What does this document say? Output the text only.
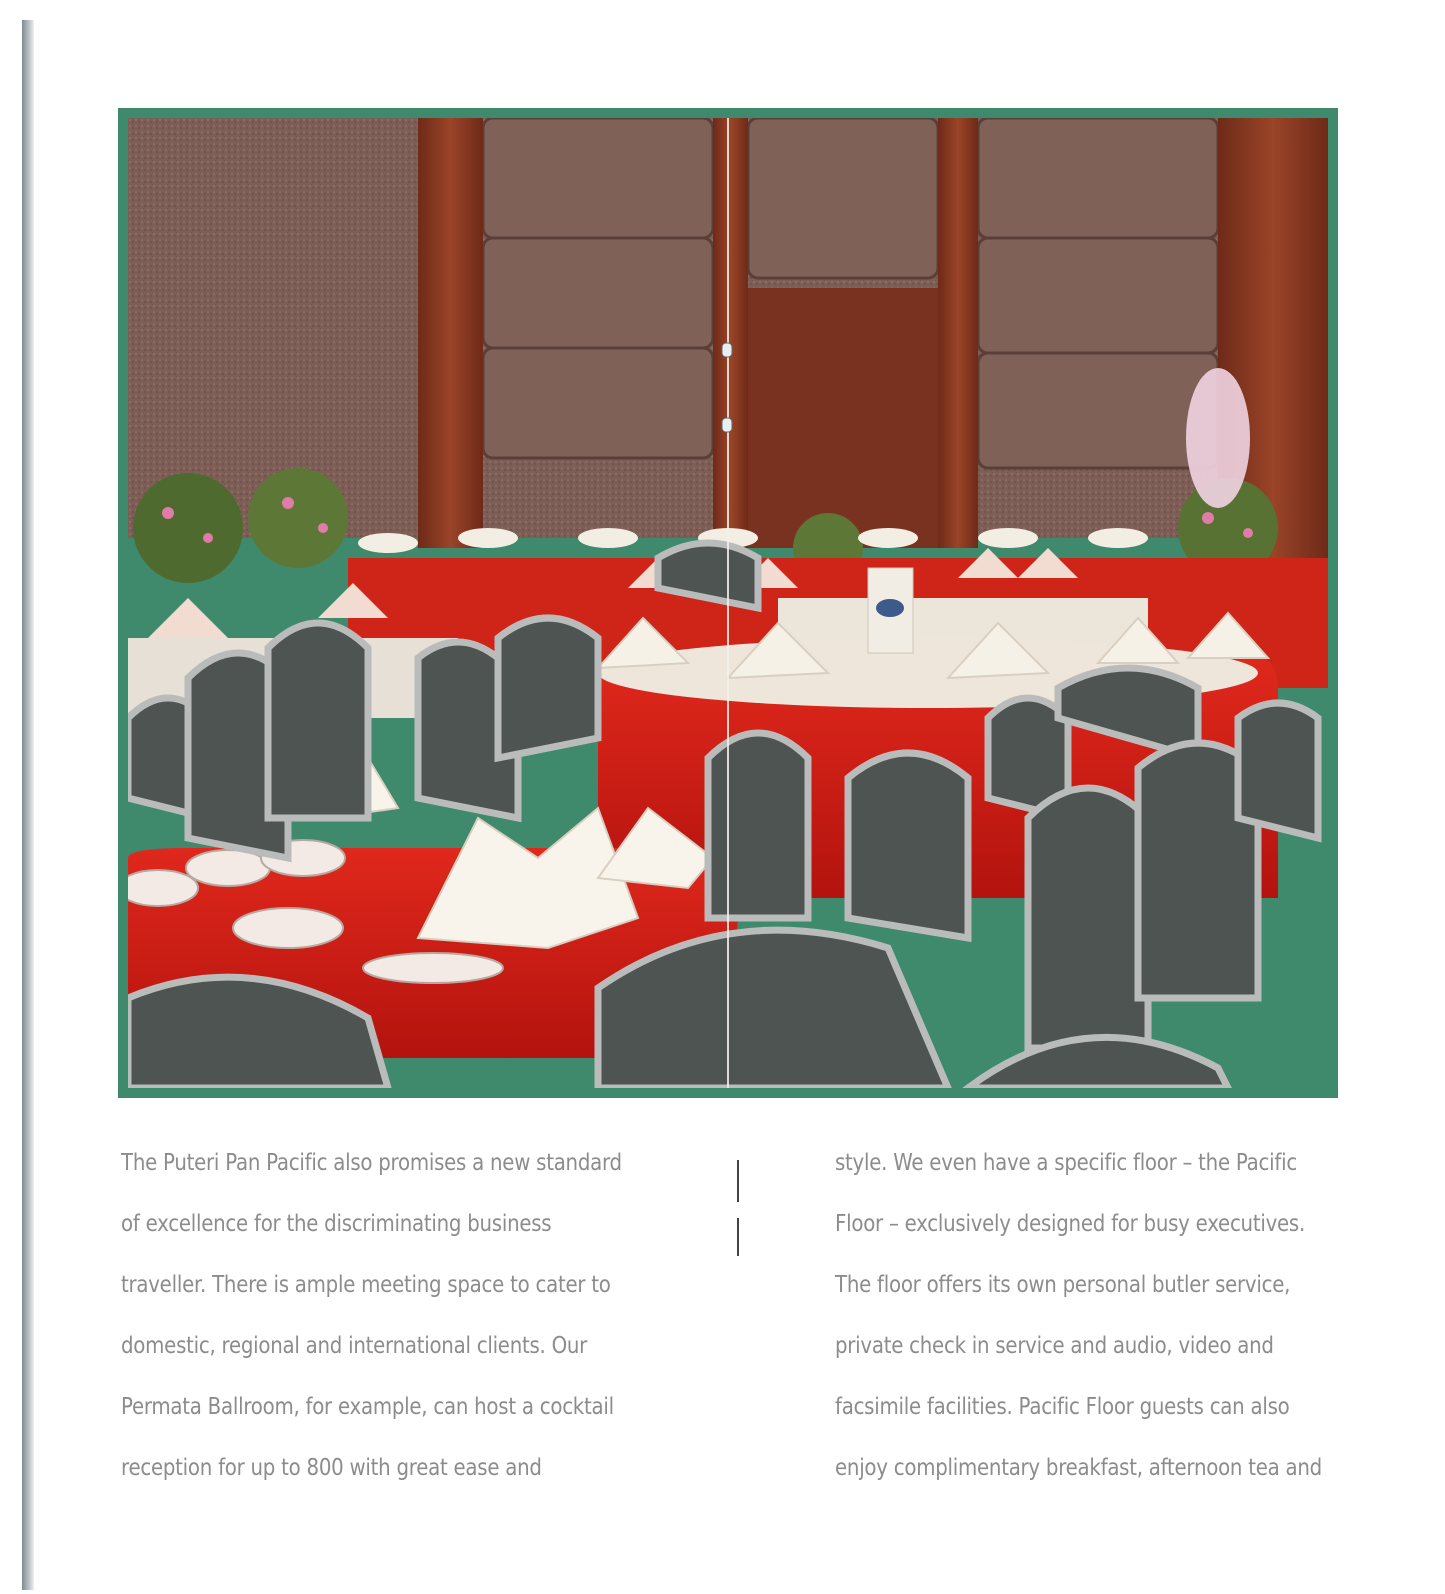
The Puteri Pan Pacific also promises a new standard
of excellence for the discriminating business
traveller. There is ample meeting space to cater to
domestic, regional and international clients. Our
Permata Ballroom, for example, can host a cocktail
reception for up to 800 with great ease and
style. We even have a specific floor – the Pacific
Floor – exclusively designed for busy executives.
The floor offers its own personal butler service,
private check in service and audio, video and
facsimile facilities. Pacific Floor guests can also
enjoy complimentary breakfast, afternoon tea and
